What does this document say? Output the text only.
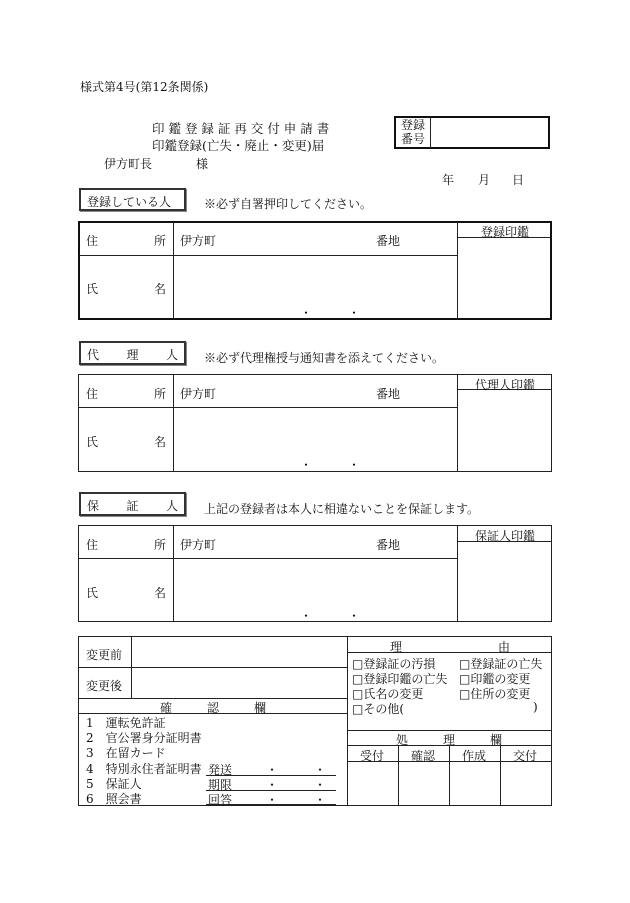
様式第4号(第12条関係)
印 鑑 登 録 証 再 交 付 申 請 書
印鑑登録(亡失・廃止・変更)届
伊方町長	様
登録
番号
年 月 日
登録している人	※必ず自署押印してください。
住	所 伊方町	番地
氏	名
・　　　・
登録印鑑
代 理 人 ※必ず代理権授与通知書を添えてください。
住	所 伊方町	番地
氏	名
・　　　・
代理人印鑑
保 証 人 上記の登録者は本人に相違ないことを保証します。
住	所 伊方町	番地
氏	名
・　　　・
保証人印鑑
変更前
変更後
確	認	欄
1　運転免許証
2　官公署身分証明書
3　在留カード
4　特別永住者証明書
5　保証人
6　照会書
発送	・　　　・
期限	・　　　・
回答	・　　　・
理	由
□登録証の汚損 □登録証の亡失
□登録印鑑の亡失 □印鑑の変更
□氏名の変更	□住所の変更
□その他(	)
処	理	欄
受付 確認 作成 交付
